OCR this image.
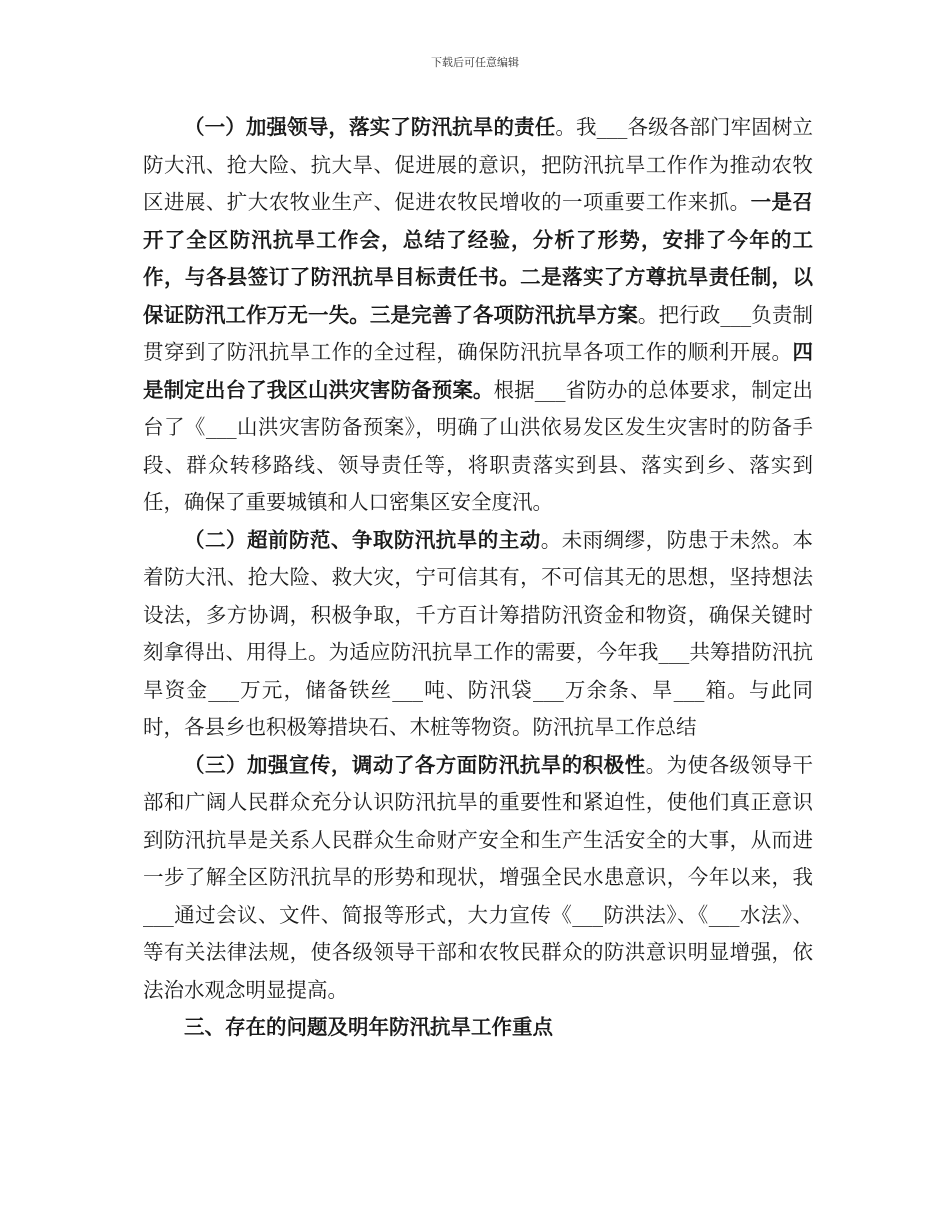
下载后可任意编辑

（一）加强领导，落实了防汛抗旱的责任。我___各级各部门牢固树立防大汛、抢大险、抗大旱、促进展的意识，把防汛抗旱工作作为推动农牧区进展、扩大农牧业生产、促进农牧民增收的一项重要工作来抓。一是召开了全区防汛抗旱工作会，总结了经验，分析了形势，安排了今年的工作，与各县签订了防汛抗旱目标责任书。二是落实了方尊抗旱责任制，以保证防汛工作万无一失。三是完善了各项防汛抗旱方案。把行政___负责制贯穿到了防汛抗旱工作的全过程，确保防汛抗旱各项工作的顺利开展。四是制定出台了我区山洪灾害防备预案。根据___省防办的总体要求，制定出台了《___山洪灾害防备预案》，明确了山洪依易发区发生灾害时的防备手段、群众转移路线、领导责任等，将职责落实到县、落实到乡、落实到任，确保了重要城镇和人口密集区安全度汛。

（二）超前防范、争取防汛抗旱的主动。未雨绸缪，防患于未然。本着防大汛、抢大险、救大灾，宁可信其有，不可信其无的思想，坚持想法设法，多方协调，积极争取，千方百计筹措防汛资金和物资，确保关键时刻拿得出、用得上。为适应防汛抗旱工作的需要，今年我___共筹措防汛抗旱资金___万元，储备铁丝___吨、防汛袋___万余条、旱___箱。与此同时，各县乡也积极筹措块石、木桩等物资。防汛抗旱工作总结

（三）加强宣传，调动了各方面防汛抗旱的积极性。为使各级领导干部和广阔人民群众充分认识防汛抗旱的重要性和紧迫性，使他们真正意识到防汛抗旱是关系人民群众生命财产安全和生产生活安全的大事，从而进一步了解全区防汛抗旱的形势和现状，增强全民水患意识，今年以来，我___通过会议、文件、简报等形式，大力宣传《___防洪法》、《___水法》、等有关法律法规，使各级领导干部和农牧民群众的防洪意识明显增强，依法治水观念明显提高。

三、存在的问题及明年防汛抗旱工作重点
